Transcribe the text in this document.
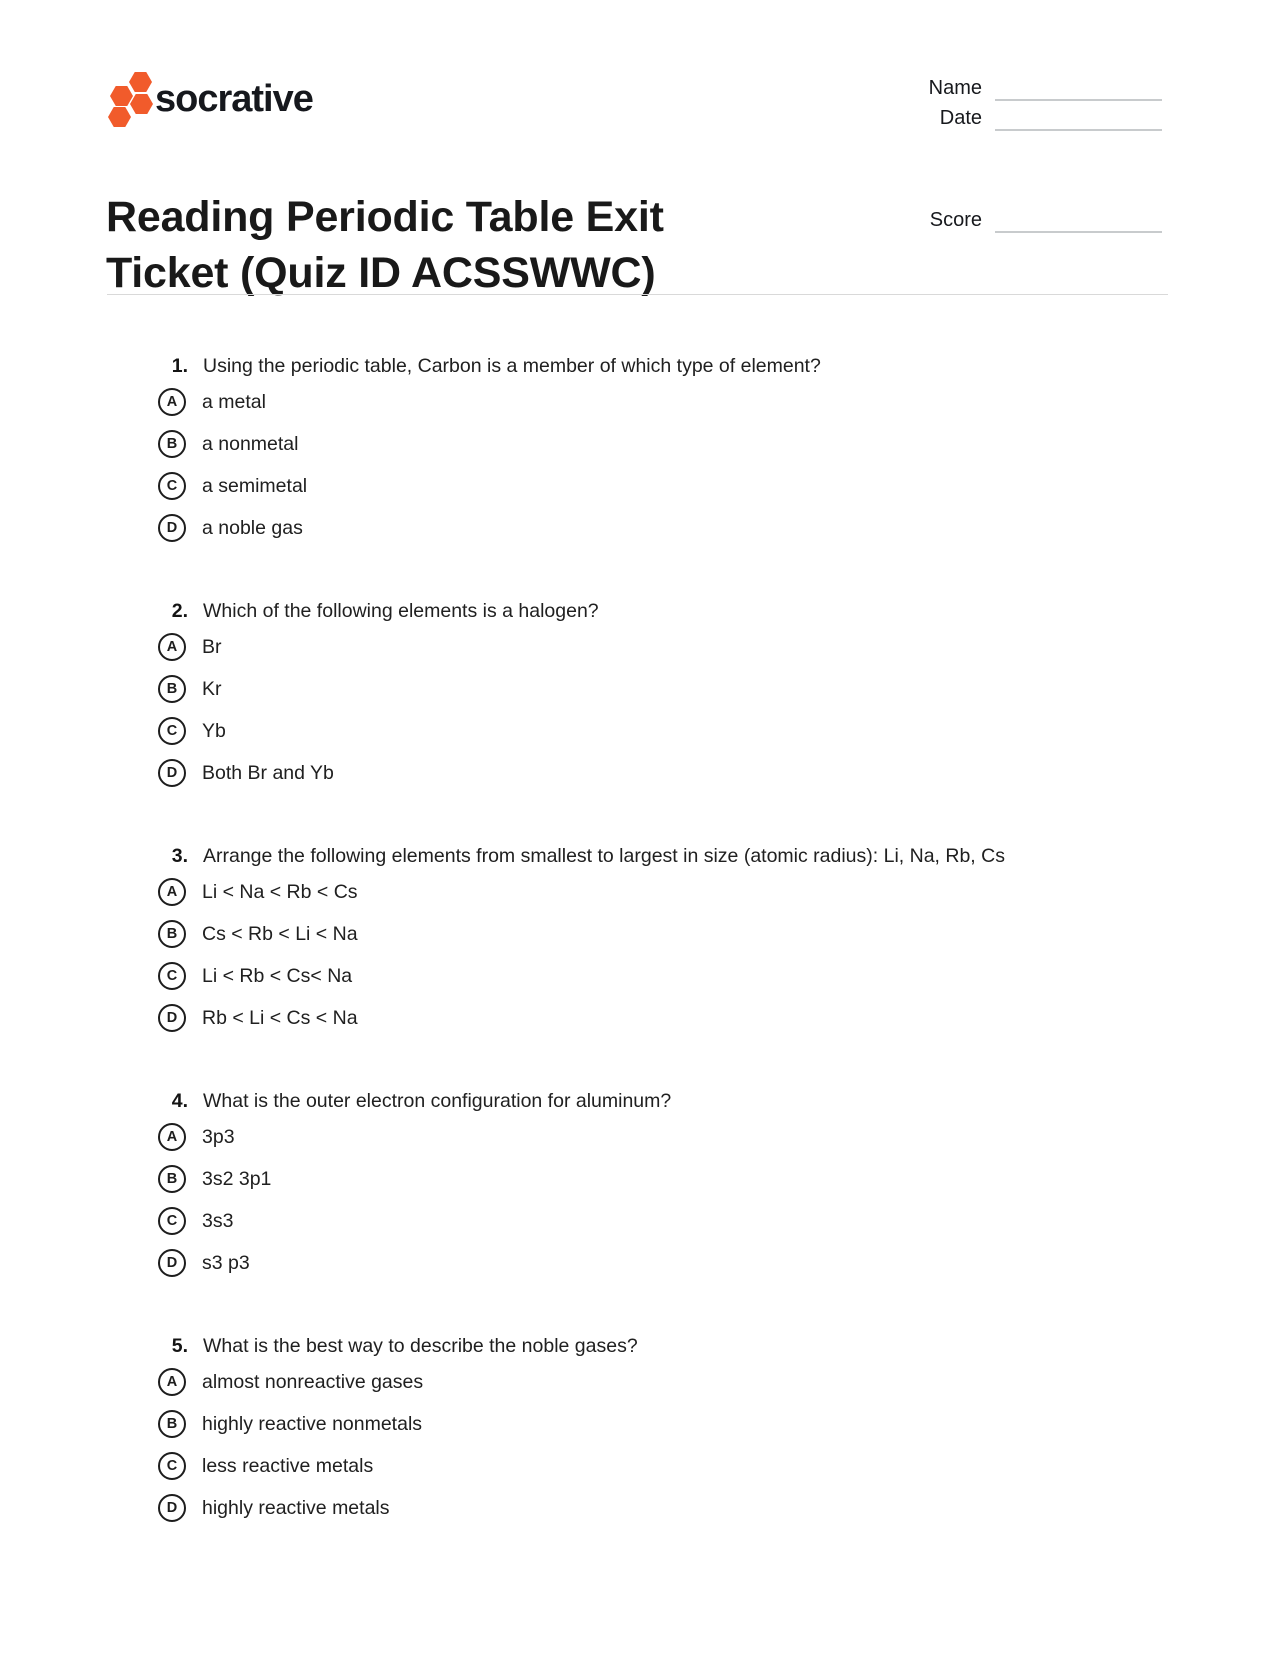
socrative	Name
Date
Score
Reading Periodic Table Exit Ticket (Quiz ID ACSSWWC)
1. Using the periodic table, Carbon is a member of which type of element?
A	a metal
B	a nonmetal
C	a semimetal
D	a noble gas
2. Which of the following elements is a halogen?
A	Br
B	Kr
C	Yb
D	Both Br and Yb
3. Arrange the following elements from smallest to largest in size (atomic radius): Li, Na, Rb, Cs
A	Li < Na < Rb < Cs
B	Cs < Rb < Li < Na
C	Li < Rb < Cs< Na
D	Rb < Li < Cs < Na
4. What is the outer electron configuration for aluminum?
A	3p3
B	3s2 3p1
C	3s3
D	s3 p3
5. What is the best way to describe the noble gases?
A	almost nonreactive gases
B	highly reactive nonmetals
C	less reactive metals
D	highly reactive metals
